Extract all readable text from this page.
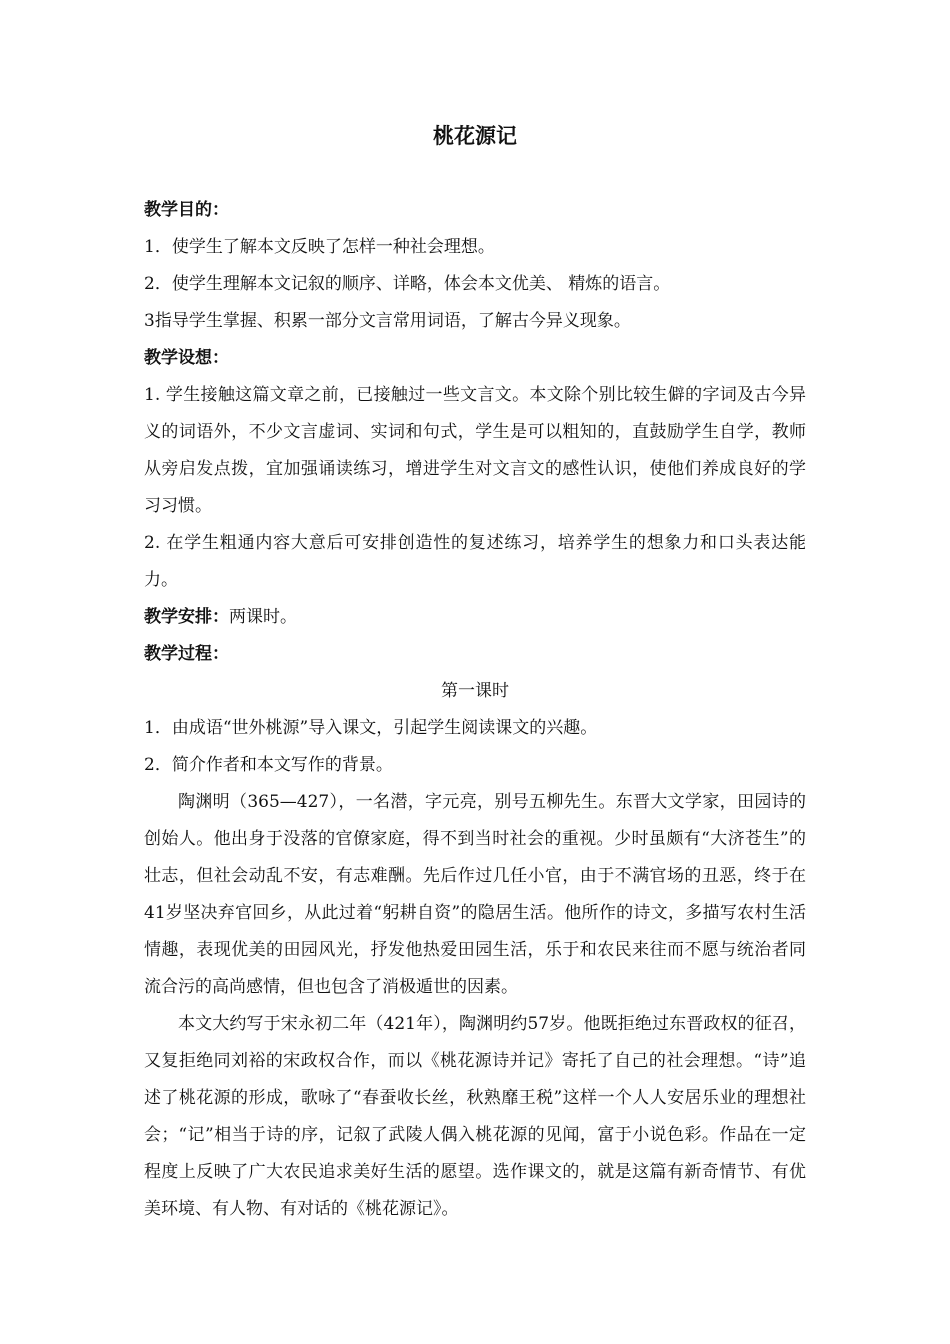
桃花源记

教学目的：

1．使学生了解本文反映了怎样一种社会理想。

2．使学生理解本文记叙的顺序、详略，体会本文优美、 精炼的语言。

3指导学生掌握、积累一部分文言常用词语，了解古今异义现象。

教学设想：

1. 学生接触这篇文章之前，已接触过一些文言文。本文除个别比较生僻的字词及古今异义的词语外，不少文言虚词、实词和句式，学生是可以粗知的，直鼓励学生自学，教师从旁启发点拨，宜加强诵读练习，增进学生对文言文的感性认识，使他们养成良好的学习习惯。

2. 在学生粗通内容大意后可安排创造性的复述练习，培养学生的想象力和口头表达能力。

教学安排：两课时。

教学过程：

第一课时

1．由成语“世外桃源”导入课文，引起学生阅读课文的兴趣。

2．简介作者和本文写作的背景。

陶渊明（365—427），一名潜，字元亮，别号五柳先生。东晋大文学家，田园诗的创始人。他出身于没落的官僚家庭，得不到当时社会的重视。少时虽颇有“大济苍生”的壮志，但社会动乱不安，有志难酬。先后作过几任小官，由于不满官场的丑恶，终于在41岁坚决弃官回乡，从此过着“躬耕自资”的隐居生活。他所作的诗文，多描写农村生活情趣，表现优美的田园风光，抒发他热爱田园生活，乐于和农民来往而不愿与统治者同流合污的高尚感情，但也包含了消极遁世的因素。

本文大约写于宋永初二年（421年），陶渊明约57岁。他既拒绝过东晋政权的征召，又复拒绝同刘裕的宋政权合作，而以《桃花源诗并记》寄托了自己的社会理想。“诗”追述了桃花源的形成，歌咏了“春蚕收长丝，秋熟靡王税”这样一个人人安居乐业的理想社会；“记”相当于诗的序，记叙了武陵人偶入桃花源的见闻，富于小说色彩。作品在一定程度上反映了广大农民追求美好生活的愿望。选作课文的，就是这篇有新奇情节、有优美环境、有人物、有对话的《桃花源记》。
